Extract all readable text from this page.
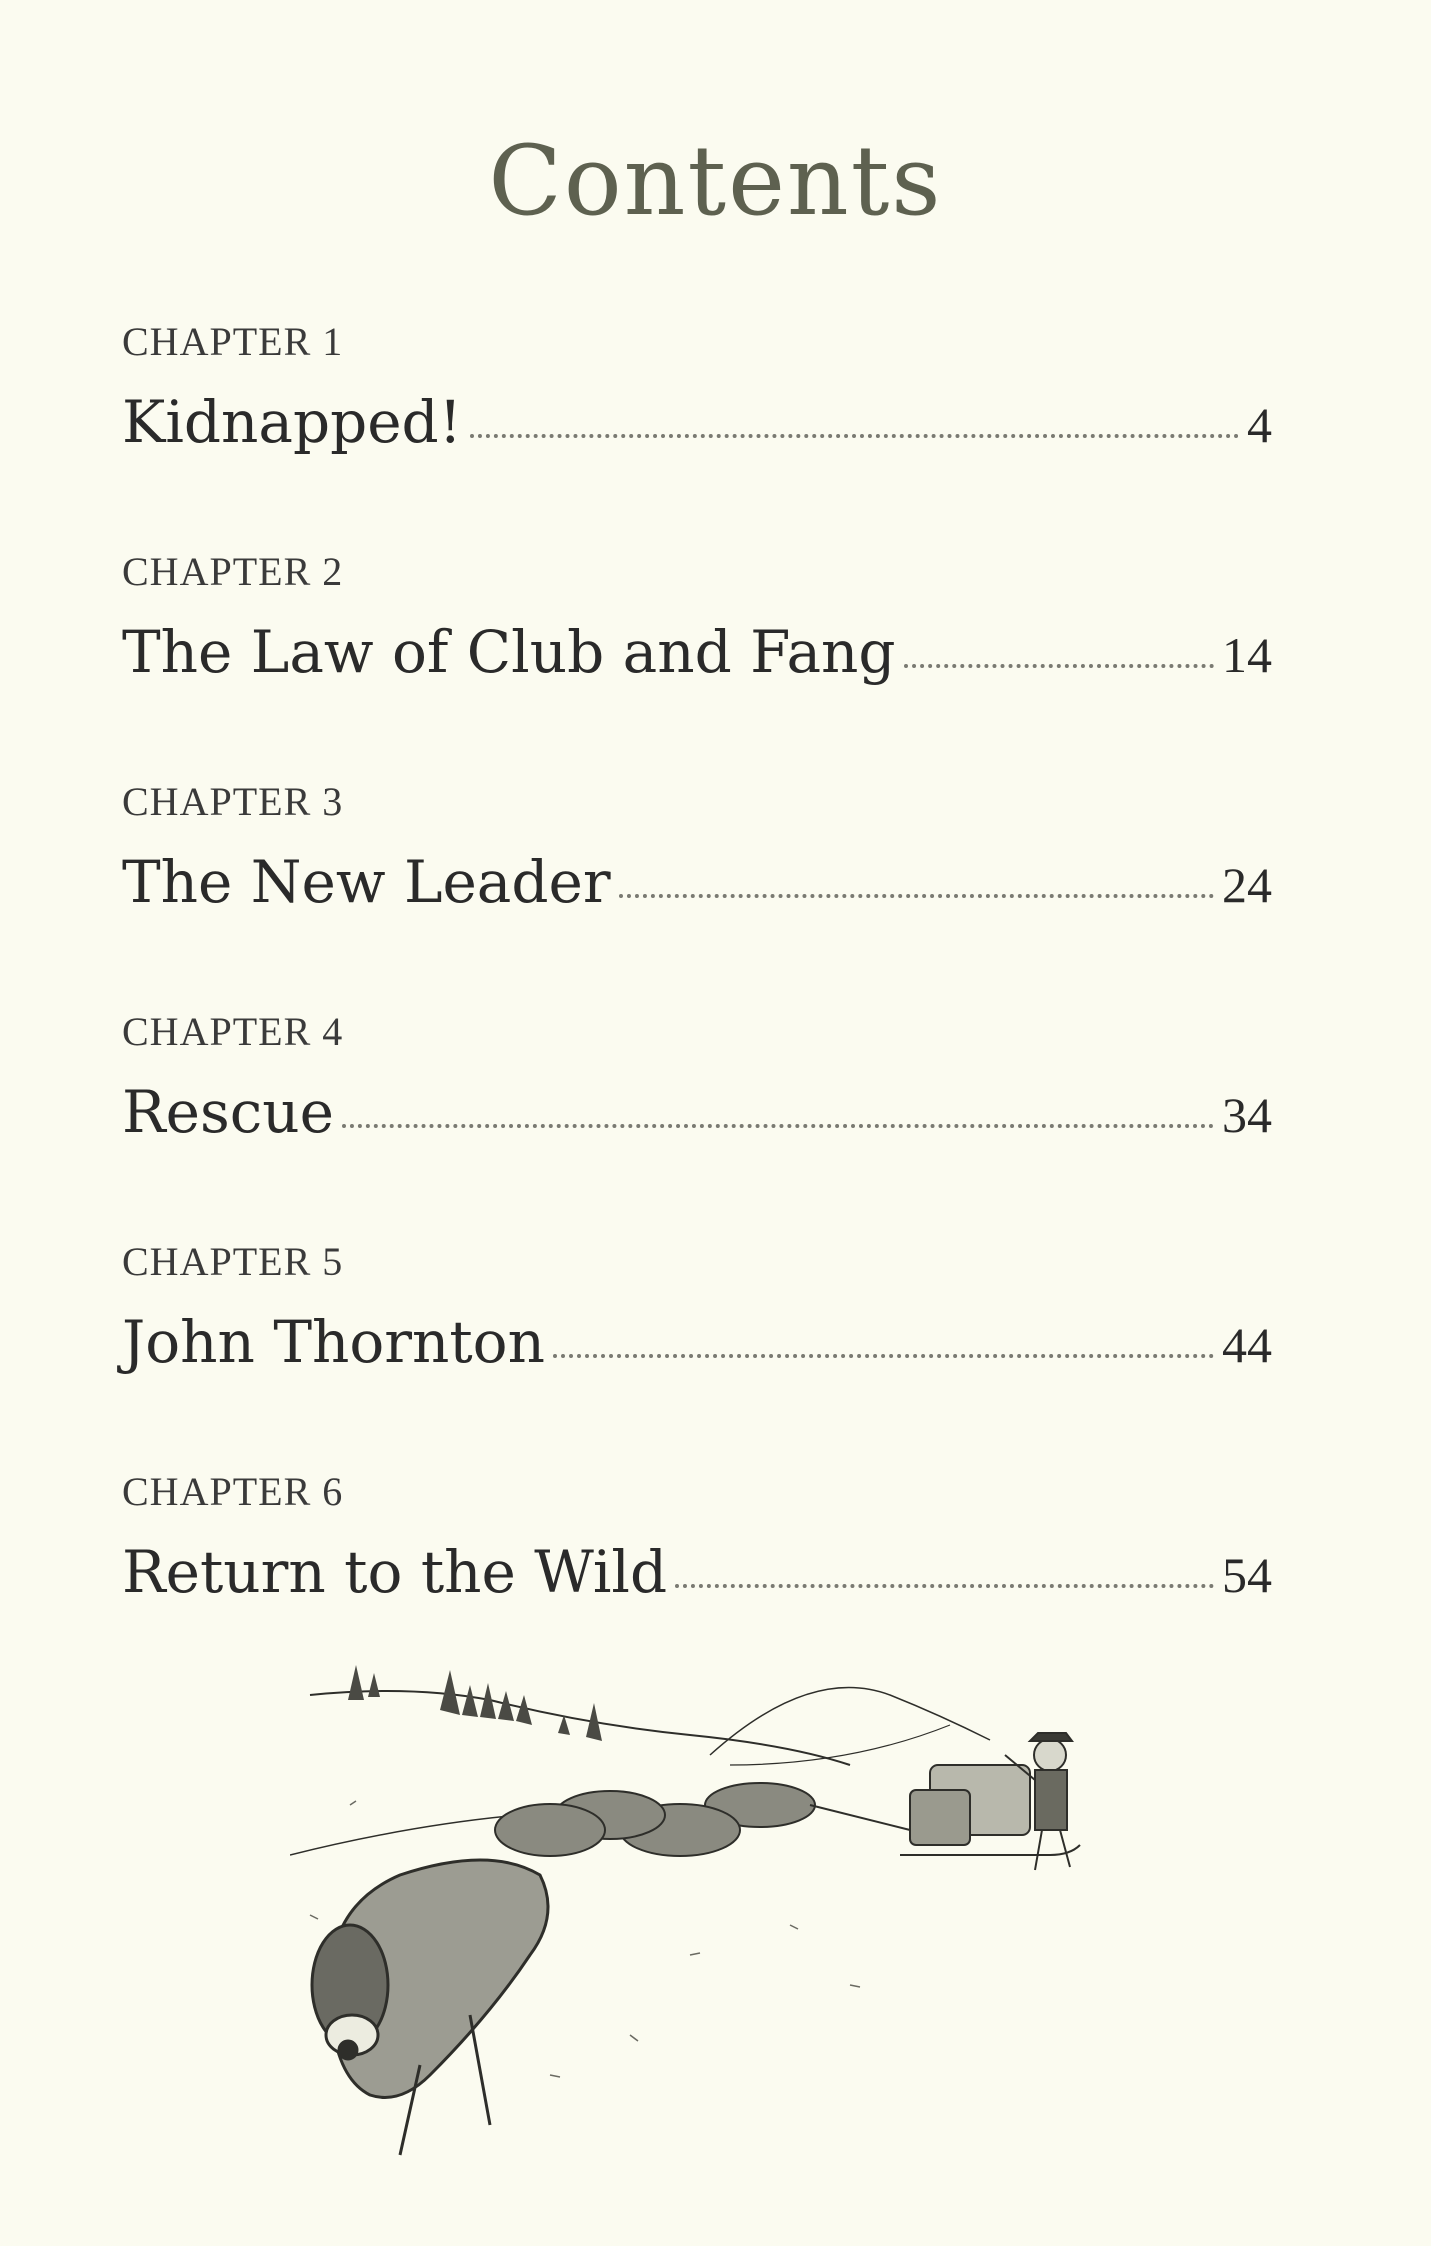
Contents
CHAPTER 1
Kidnapped!	4
CHAPTER 2
The Law of Club and Fang	14
CHAPTER 3
The New Leader	24
CHAPTER 4
Rescue	34
CHAPTER 5
John Thornton	44
CHAPTER 6
Return to the Wild	54
